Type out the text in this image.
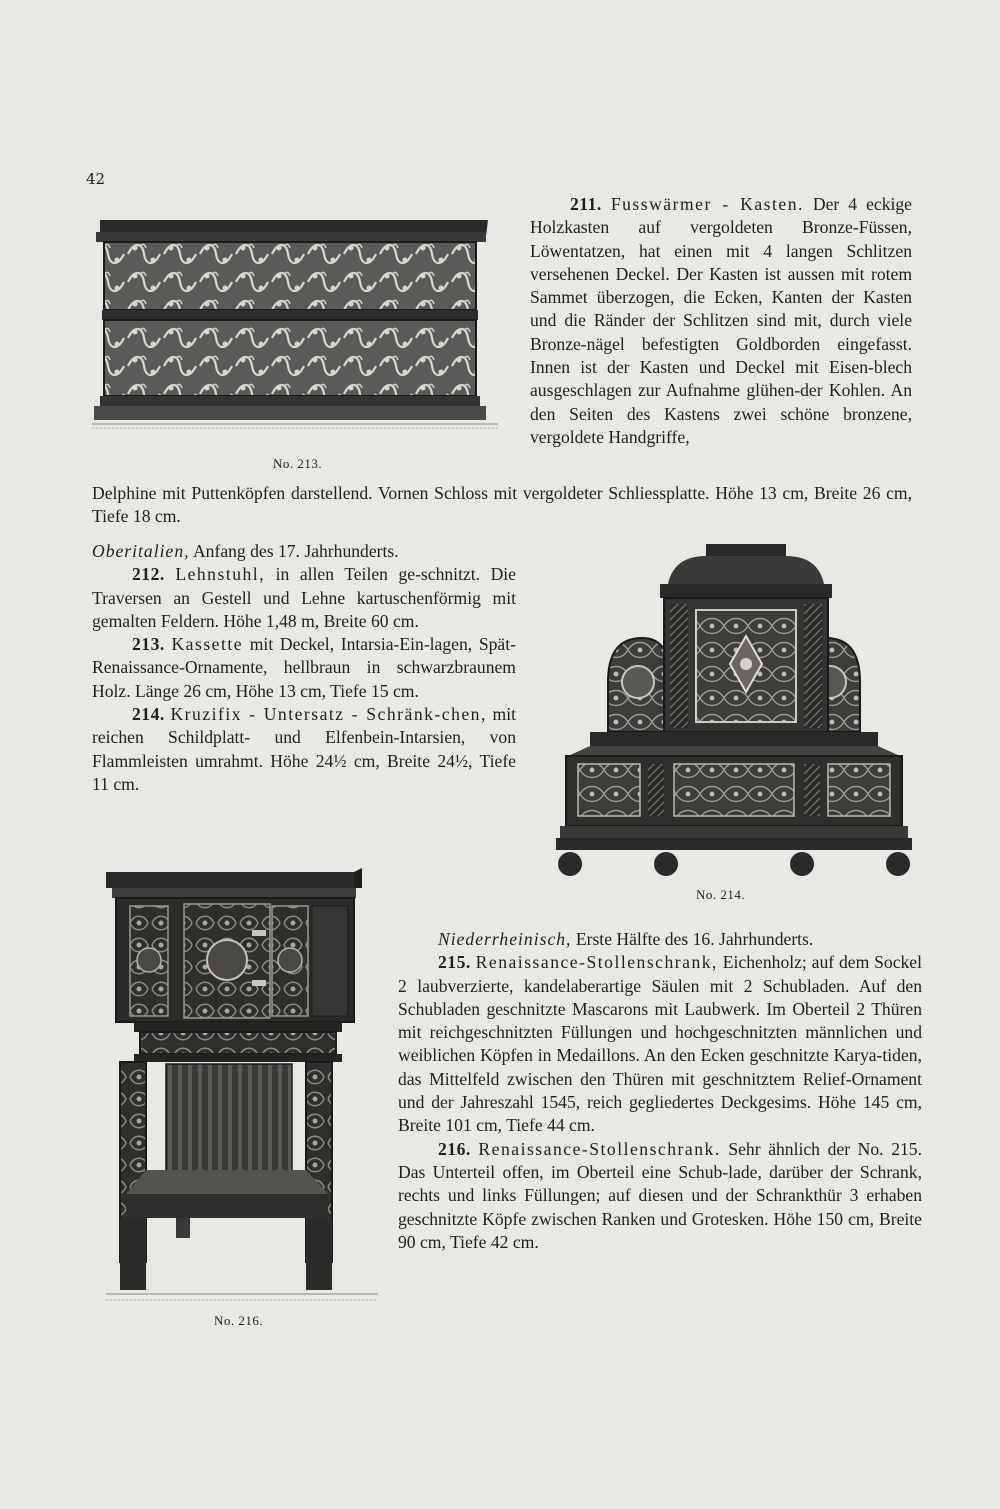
42
No. 213.

211. Fusswärmer - Kasten. Der 4 eckige Holzkasten auf vergoldeten Bronze-Füssen, Löwentatzen, hat einen mit 4 langen Schlitzen versehenen Deckel. Der Kasten ist aussen mit rotem Sammet überzogen, die Ecken, Kanten der Kasten und die Ränder der Schlitzen sind mit, durch viele Bronze-nägel befestigten Goldborden eingefasst. Innen ist der Kasten und Deckel mit Eisen-blech ausgeschlagen zur Aufnahme glühen-der Kohlen. An den Seiten des Kastens zwei schöne bronzene, vergoldete Handgriffe,

Delphine mit Puttenköpfen darstellend. Vornen Schloss mit vergoldeter Schliessplatte. Höhe 13 cm, Breite 26 cm, Tiefe 18 cm.

Oberitalien, Anfang des 17. Jahrhunderts.

212. Lehnstuhl, in allen Teilen ge-schnitzt. Die Traversen an Gestell und Lehne kartuschenförmig mit gemalten Feldern. Höhe 1,48 m, Breite 60 cm.

213. Kassette mit Deckel, Intarsia-Ein-lagen, Spät-Renaissance-Ornamente, hellbraun in schwarzbraunem Holz. Länge 26 cm, Höhe 13 cm, Tiefe 15 cm.

214. Kruzifix - Untersatz - Schränk-chen, mit reichen Schildplatt- und Elfenbein-Intarsien, von Flammleisten umrahmt. Höhe 24½ cm, Breite 24½, Tiefe 11 cm.

No. 214.
No. 216.

Niederrheinisch, Erste Hälfte des 16. Jahrhunderts.

215. Renaissance-Stollenschrank, Eichenholz; auf dem Sockel 2 laubverzierte, kandelaberartige Säulen mit 2 Schubladen. Auf den Schubladen geschnitzte Mascarons mit Laubwerk. Im Oberteil 2 Thüren mit reichgeschnitzten Füllungen und hochgeschnitzten männlichen und weiblichen Köpfen in Medaillons. An den Ecken geschnitzte Karya-tiden, das Mittelfeld zwischen den Thüren mit geschnitztem Relief-Ornament und der Jahreszahl 1545, reich gegliedertes Deckgesims. Höhe 145 cm, Breite 101 cm, Tiefe 44 cm.

216. Renaissance-Stollenschrank. Sehr ähnlich der No. 215. Das Unterteil offen, im Oberteil eine Schub-lade, darüber der Schrank, rechts und links Füllungen; auf diesen und der Schrankthür 3 erhaben geschnitzte Köpfe zwischen Ranken und Grotesken. Höhe 150 cm, Breite 90 cm, Tiefe 42 cm.
